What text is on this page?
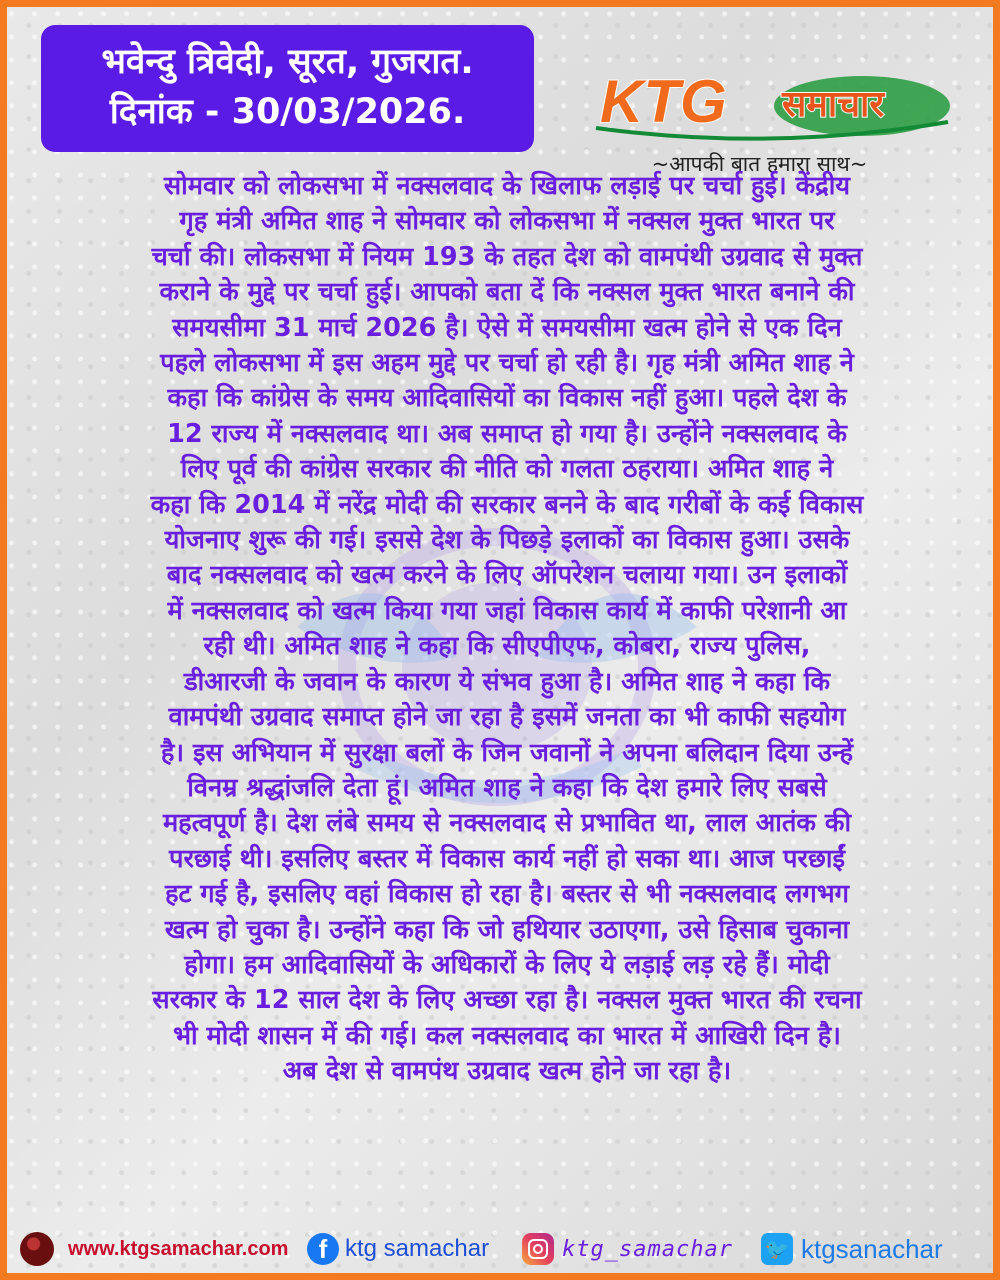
भवेन्दु त्रिवेदी, सूरत, गुजरात.
दिनांक - 30/03/2026.	KTG समाचार
~आपकी बात हमारा साथ~
सोमवार को लोकसभा में नक्सलवाद के खिलाफ लड़ाई पर चर्चा हुई। केंद्रीय
गृह मंत्री अमित शाह ने सोमवार को लोकसभा में नक्सल मुक्त भारत पर
चर्चा की। लोकसभा में नियम 193 के तहत देश को वामपंथी उग्रवाद से मुक्त
कराने के मुद्दे पर चर्चा हुई। आपको बता दें कि नक्सल मुक्त भारत बनाने की
समयसीमा 31 मार्च 2026 है। ऐसे में समयसीमा खत्म होने से एक दिन
पहले लोकसभा में इस अहम मुद्दे पर चर्चा हो रही है। गृह मंत्री अमित शाह ने
कहा कि कांग्रेस के समय आदिवासियों का विकास नहीं हुआ। पहले देश के
12 राज्य में नक्सलवाद था। अब समाप्त हो गया है। उन्होंने नक्सलवाद के
लिए पूर्व की कांग्रेस सरकार की नीति को गलता ठहराया। अमित शाह ने
कहा कि 2014 में नरेंद्र मोदी की सरकार बनने के बाद गरीबों के कई विकास
योजनाए शुरू की गई। इससे देश के पिछड़े इलाकों का विकास हुआ। उसके
बाद नक्सलवाद को खत्म करने के लिए ऑपरेशन चलाया गया। उन इलाकों
में नक्सलवाद को खत्म किया गया जहां विकास कार्य में काफी परेशानी आ
रही थी। अमित शाह ने कहा कि सीएपीएफ, कोबरा, राज्य पुलिस,
डीआरजी के जवान के कारण ये संभव हुआ है। अमित शाह ने कहा कि
वामपंथी उग्रवाद समाप्त होने जा रहा है इसमें जनता का भी काफी सहयोग
है। इस अभियान में सुरक्षा बलों के जिन जवानों ने अपना बलिदान दिया उन्हें
विनम्र श्रद्धांजलि देता हूं। अमित शाह ने कहा कि देश हमारे लिए सबसे
महत्वपूर्ण है। देश लंबे समय से नक्सलवाद से प्रभावित था, लाल आतंक की
परछाई थी। इसलिए बस्तर में विकास कार्य नहीं हो सका था। आज परछाईं
हट गई है, इसलिए वहां विकास हो रहा है। बस्तर से भी नक्सलवाद लगभग
खत्म हो चुका है। उन्होंने कहा कि जो हथियार उठाएगा, उसे हिसाब चुकाना
होगा। हम आदिवासियों के अधिकारों के लिए ये लड़ाई लड़ रहे हैं। मोदी
सरकार के 12 साल देश के लिए अच्छा रहा है। नक्सल मुक्त भारत की रचना
भी मोदी शासन में की गई। कल नक्सलवाद का भारत में आखिरी दिन है।
अब देश से वामपंथ उग्रवाद खत्म होने जा रहा है।
www.ktgsamachar.com	f ktg samachar	ktg_samachar 🐦 ktgsanachar
